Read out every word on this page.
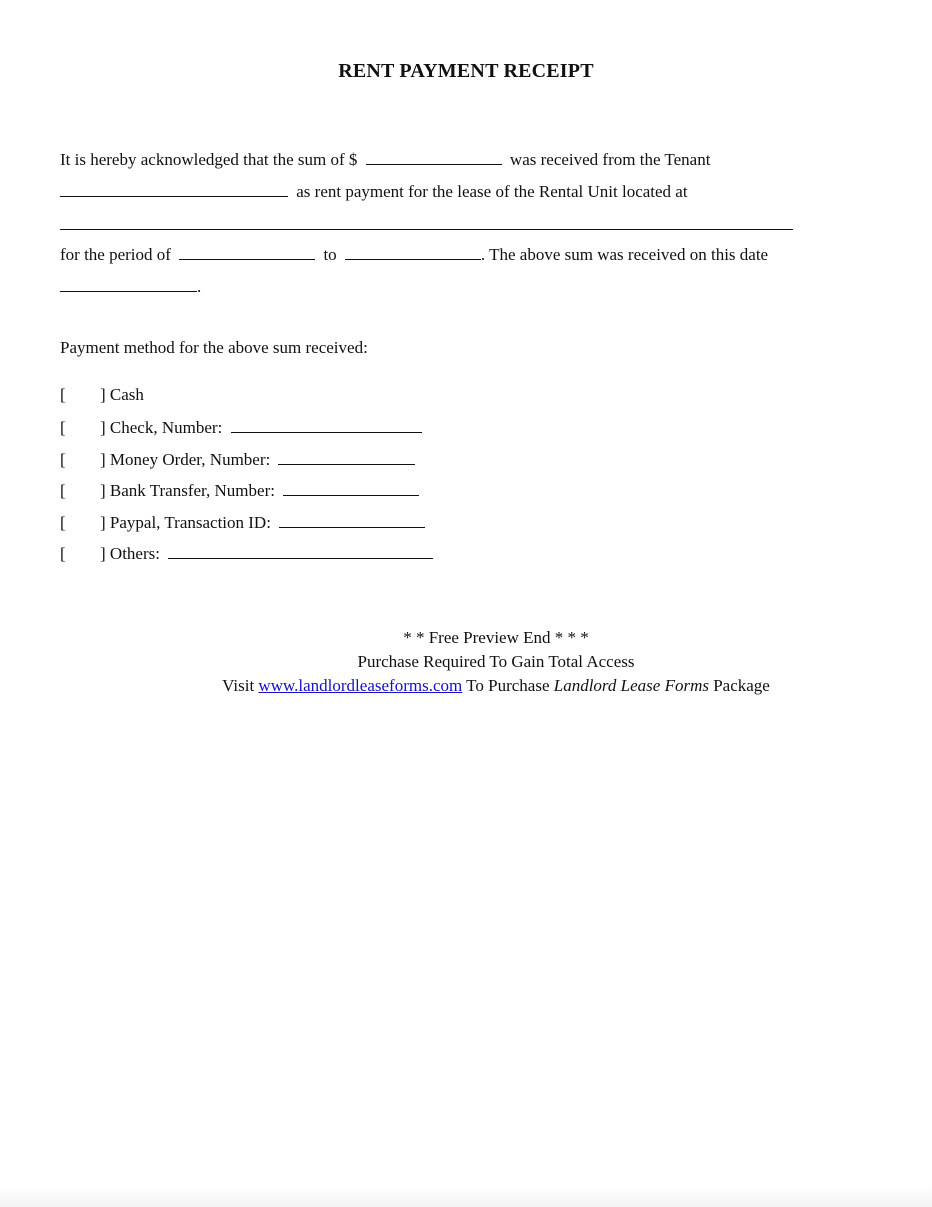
RENT PAYMENT RECEIPT
It is hereby acknowledged that the sum of $	was received from the Tenant
as rent payment for the lease of the Rental Unit located at
for the period of	to	. The above sum was received on this date
.
Payment method for the above sum received:
[ ] Cash
[ ] Check, Number:
[ ] Money Order, Number:
[ ] Bank Transfer, Number:
[ ] Paypal, Transaction ID:
[ ] Others:
* * Free Preview End * * *
Purchase Required To Gain Total Access
Visit www.landlordleaseforms.com To Purchase Landlord Lease Forms Package
